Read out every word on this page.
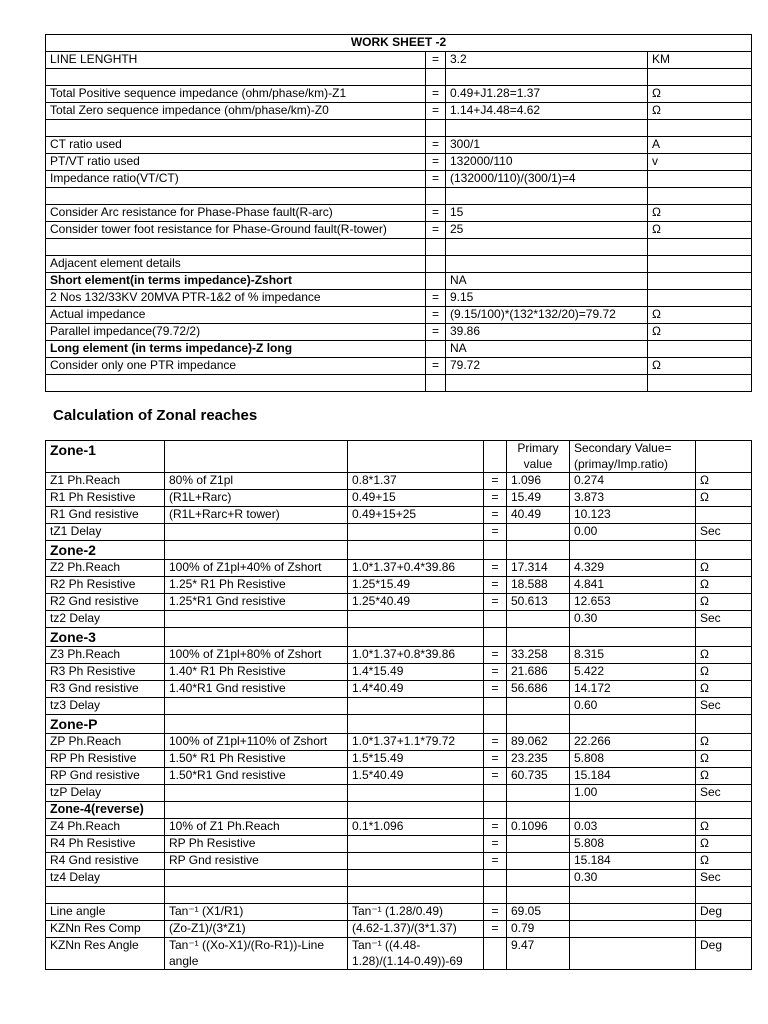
WORK SHEET -2			
LINE LENGHTH	=	3.2	KM

Total Positive sequence impedance (ohm/phase/km)-Z1	=	0.49+J1.28=1.37	Ω
Total Zero sequence impedance (ohm/phase/km)-Z0	=	1.14+J4.48=4.62	Ω

CT ratio used	=	300/1	A
PT/VT ratio used	=	132000/110	v
Impedance ratio(VT/CT)	=	(132000/110)/(300/1)=4	

Consider Arc resistance for Phase-Phase fault(R-arc)	=	15	Ω
Consider tower foot resistance for Phase-Ground fault(R-tower)	=	25	Ω

Adjacent element details			
Short element(in terms impedance)-Zshort		NA	
2 Nos 132/33KV 20MVA PTR-1&2 of % impedance	=	9.15	
Actual impedance	=	(9.15/100)*(132*132/20)=79.72	Ω
Parallel impedance(79.72/2)	=	39.86	Ω
Long element (in terms impedance)-Z long		NA	
Consider only one PTR impedance	=	79.72	Ω

Calculation of Zonal reaches
Zone-1				Primary value	Secondary Value= (primay/Imp.ratio)	
Z1 Ph.Reach	80% of Z1pl	0.8*1.37	=	1.096	0.274	Ω
R1 Ph Resistive	(R1L+Rarc)	0.49+15	=	15.49	3.873	Ω
R1 Gnd resistive	(R1L+Rarc+R tower)	0.49+15+25	=	40.49	10.123	
tZ1 Delay			=		0.00	Sec
Zone-2						
Z2 Ph.Reach	100% of Z1pl+40% of Zshort	1.0*1.37+0.4*39.86	=	17.314	4.329	Ω
R2 Ph Resistive	1.25* R1 Ph Resistive	1.25*15.49	=	18.588	4.841	Ω
R2 Gnd resistive	1.25*R1 Gnd resistive	1.25*40.49	=	50.613	12.653	Ω
tz2 Delay					0.30	Sec
Zone-3						
Z3 Ph.Reach	100% of Z1pl+80% of Zshort	1.0*1.37+0.8*39.86	=	33.258	8.315	Ω
R3 Ph Resistive	1.40* R1 Ph Resistive	1.4*15.49	=	21.686	5.422	Ω
R3 Gnd resistive	1.40*R1 Gnd resistive	1.4*40.49	=	56.686	14.172	Ω
tz3 Delay					0.60	Sec
Zone-P						
ZP Ph.Reach	100% of Z1pl+110% of Zshort	1.0*1.37+1.1*79.72	=	89.062	22.266	Ω
RP Ph Resistive	1.50* R1 Ph Resistive	1.5*15.49	=	23.235	5.808	Ω
RP Gnd resistive	1.50*R1 Gnd resistive	1.5*40.49	=	60.735	15.184	Ω
tzP Delay					1.00	Sec
Zone-4(reverse)						
Z4 Ph.Reach	10% of Z1 Ph.Reach	0.1*1.096	=	0.1096	0.03	Ω
R4 Ph Resistive	RP Ph Resistive		=		5.808	Ω
R4 Gnd resistive	RP Gnd resistive		=		15.184	Ω
tz4 Delay					0.30	Sec

Line angle	Tan⁻¹ (X1/R1)	Tan⁻¹ (1.28/0.49)	=	69.05		Deg
KZNn Res Comp	(Zo-Z1)/(3*Z1)	(4.62-1.37)/(3*1.37)	=	0.79		
KZNn Res Angle	Tan⁻¹ ((Xo-X1)/(Ro-R1))-Line angle	Tan⁻¹ ((4.48-1.28)/(1.14-0.49))-69		9.47		Deg
